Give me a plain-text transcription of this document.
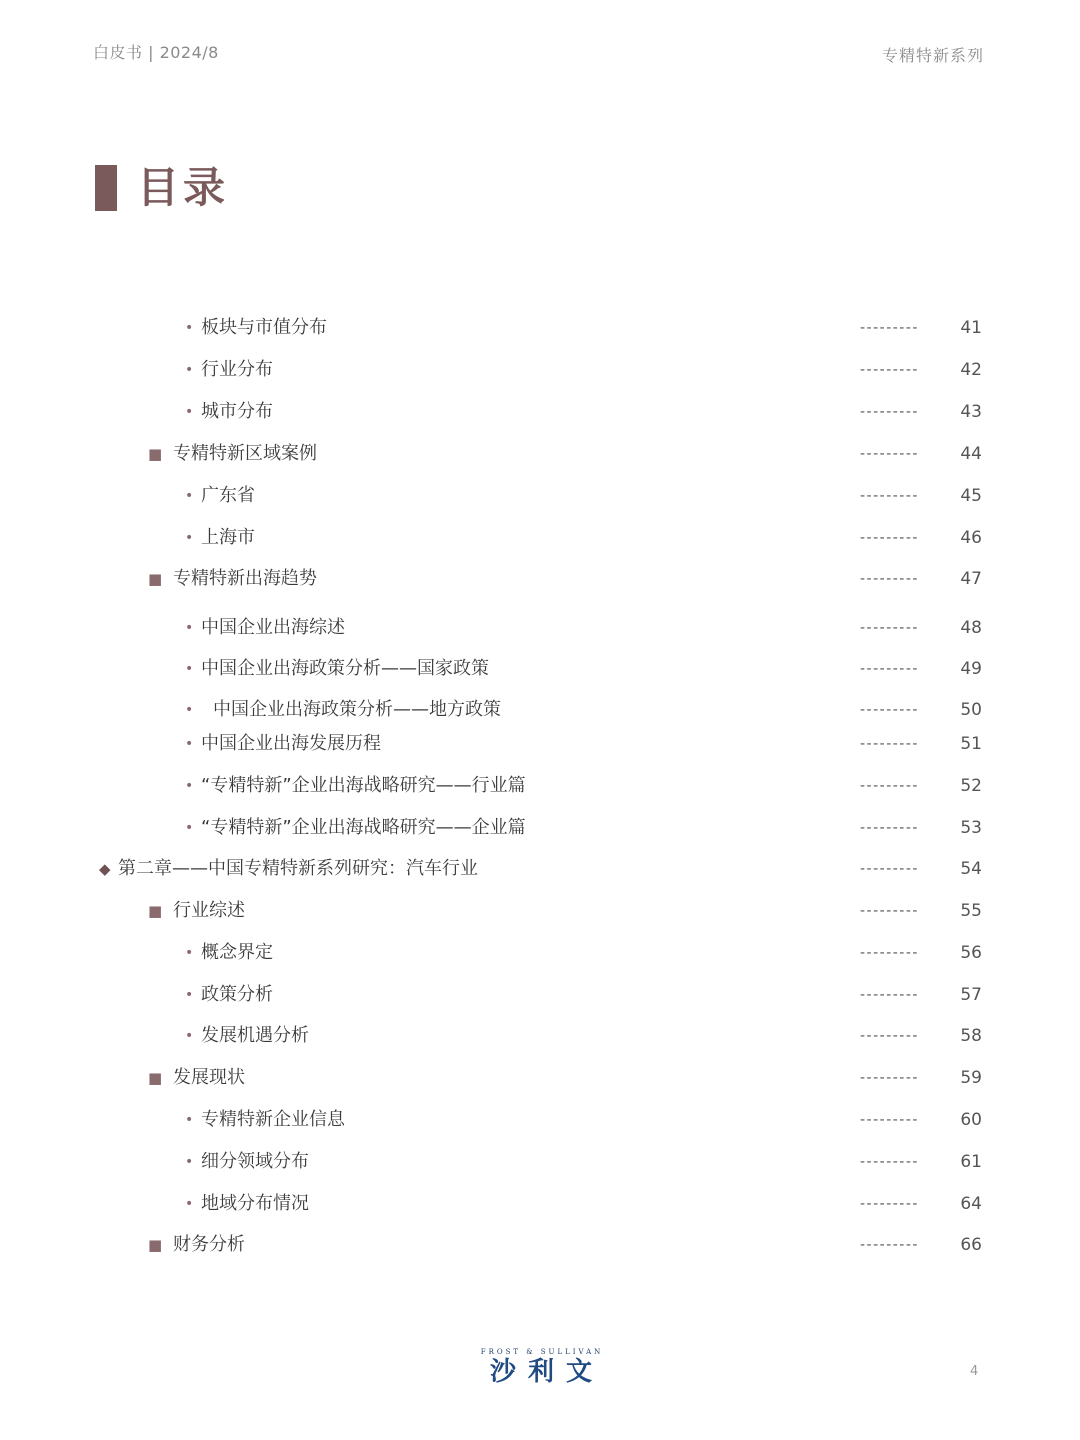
白皮书 | 2024/8	专精特新系列
目录
• 板块与市值分布	---------	41
• 行业分布	---------	42
• 城市分布	---------	43
■ 专精特新区域案例	---------	44
• 广东省	---------	45
• 上海市	---------	46
■ 专精特新出海趋势	---------	47
• 中国企业出海综述	---------	48
• 中国企业出海政策分析——国家政策	---------	49
• 中国企业出海政策分析——地方政策	---------	50
• 中国企业出海发展历程	---------	51
• “专精特新”企业出海战略研究——行业篇	---------	52
• “专精特新”企业出海战略研究——企业篇	---------	53
◆ 第二章——中国专精特新系列研究：汽车行业	---------	54
■ 行业综述	---------	55
• 概念界定	---------	56
• 政策分析	---------	57
• 发展机遇分析	---------	58
■ 发展现状	---------	59
• 专精特新企业信息	---------	60
• 细分领域分布	---------	61
• 地域分布情况	---------	64
■ 财务分析	---------	66
FROST & SULLIVAN
沙利文	4
